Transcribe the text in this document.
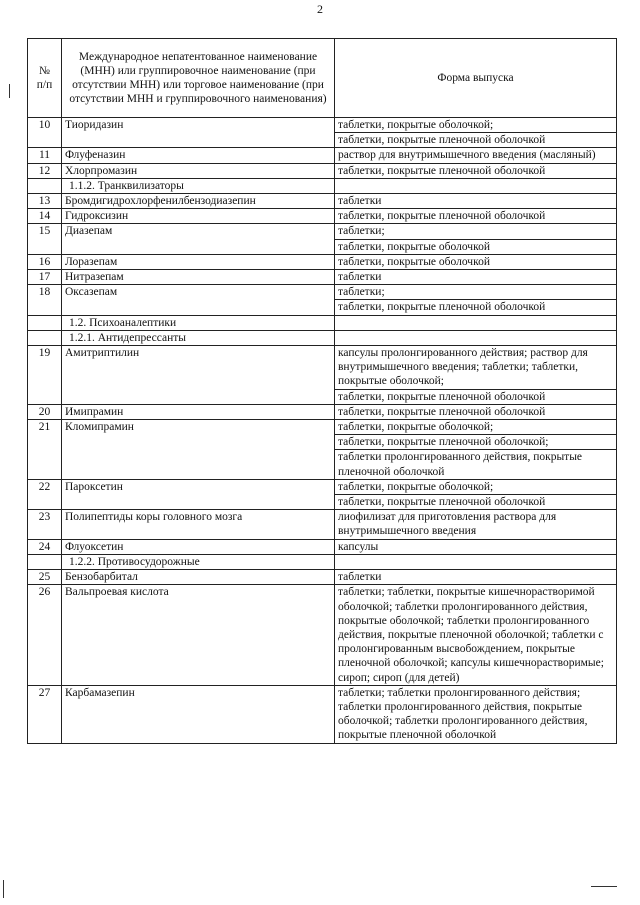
2
№
п/п	Международное непатентованное наименование (МНН) или группировочное наименование (при отсутствии МНН) или торговое наименование (при отсутствии МНН и группировочного наименования)	Форма выпуска
10	Тиоридазин	таблетки, покрытые оболочкой;
таблетки, покрытые пленочной оболочкой

11	Флуфеназин	раствор для внутримышечного введения (масляный)

12	Хлорпромазин	таблетки, покрытые пленочной оболочкой

	1.1.2. Транквилизаторы	
13	Бромдигидрохлорфенилбензодиазепин	таблетки

14	Гидроксизин	таблетки, покрытые пленочной оболочкой

15	Диазепам	таблетки;
таблетки, покрытые оболочкой

16	Лоразепам	таблетки, покрытые оболочкой

17	Нитразепам	таблетки

18	Оксазепам	таблетки;
таблетки, покрытые пленочной оболочкой

	1.2. Психоаналептики	
	1.2.1. Антидепрессанты	
19	Амитриптилин	капсулы пролонгированного действия; раствор для внутримышечного введения; таблетки; таблетки, покрытые оболочкой;
таблетки, покрытые пленочной оболочкой

20	Имипрамин	таблетки, покрытые пленочной оболочкой

21	Кломипрамин	таблетки, покрытые оболочкой;
таблетки, покрытые пленочной оболочкой;
таблетки пролонгированного действия, покрытые пленочной оболочкой

22	Пароксетин	таблетки, покрытые оболочкой;
таблетки, покрытые пленочной оболочкой

23	Полипептиды коры головного мозга	лиофилизат для приготовления раствора для внутримышечного введения

24	Флуоксетин	капсулы

	1.2.2. Противосудорожные	
25	Бензобарбитал	таблетки

26	Вальпроевая кислота	таблетки; таблетки, покрытые кишечнорастворимой оболочкой; таблетки пролонгированного действия, покрытые оболочкой; таблетки пролонгированного действия, покрытые пленочной оболочкой; таблетки с пролонгированным высвобождением, покрытые пленочной оболочкой; капсулы кишечнорастворимые; сироп; сироп (для детей)

27	Карбамазепин	таблетки; таблетки пролонгированного действия; таблетки пролонгированного действия, покрытые оболочкой; таблетки пролонгированного действия, покрытые пленочной оболочкой
